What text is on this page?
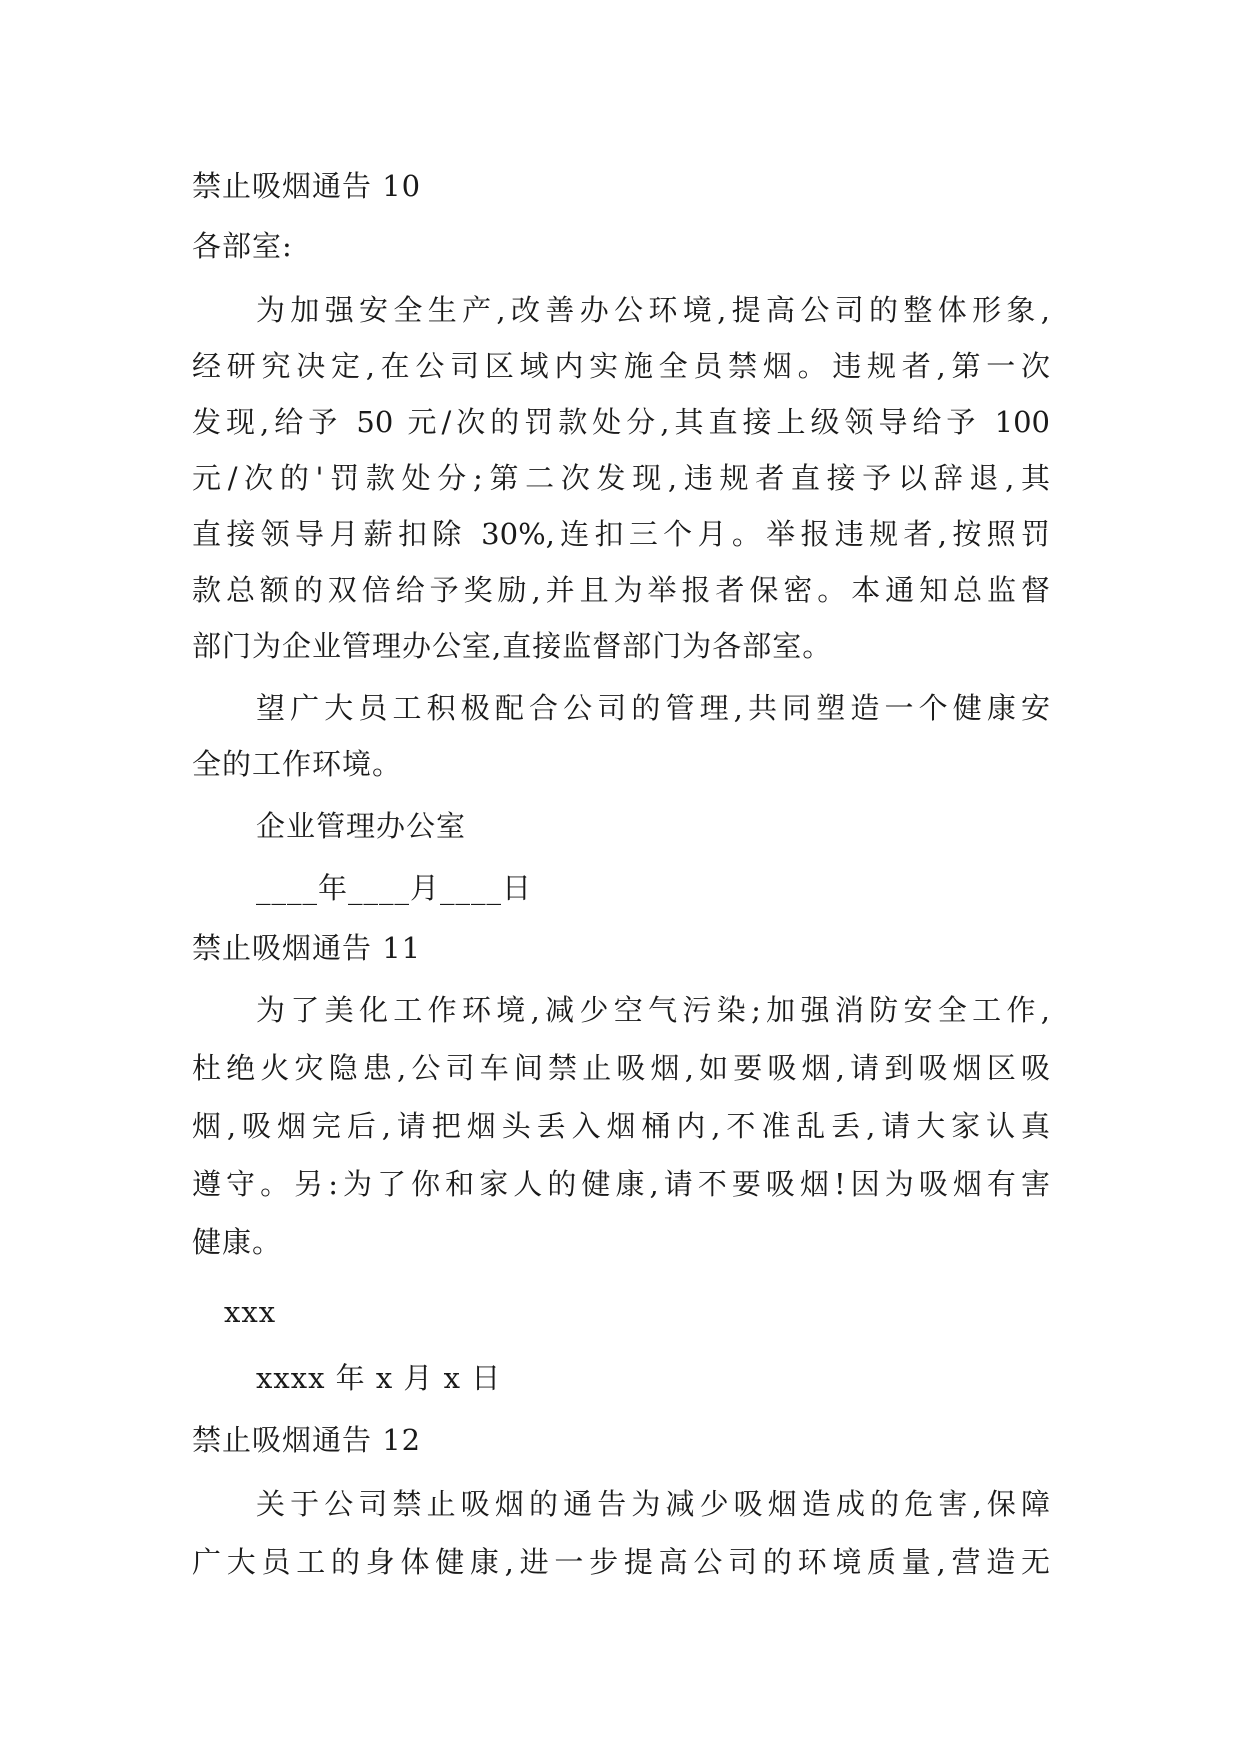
禁止吸烟通告 10
各部室:
为加强安全生产,改善办公环境,提高公司的整体形象,
经研究决定,在公司区域内实施全员禁烟。违规者,第一次
发现,给予 50 元/次的罚款处分,其直接上级领导给予 100
元/次的'罚款处分;第二次发现,违规者直接予以辞退,其
直接领导月薪扣除 30%,连扣三个月。举报违规者,按照罚
款总额的双倍给予奖励,并且为举报者保密。本通知总监督
部门为企业管理办公室,直接监督部门为各部室。
望广大员工积极配合公司的管理,共同塑造一个健康安
全的工作环境。
企业管理办公室
____年____月____日
禁止吸烟通告 11
为了美化工作环境,减少空气污染;加强消防安全工作,
杜绝火灾隐患,公司车间禁止吸烟,如要吸烟,请到吸烟区吸
烟,吸烟完后,请把烟头丢入烟桶内,不准乱丢,请大家认真
遵守。另:为了你和家人的健康,请不要吸烟!因为吸烟有害
健康。
xxx
xxxx 年 x 月 x 日
禁止吸烟通告 12
关于公司禁止吸烟的通告为减少吸烟造成的危害,保障
广大员工的身体健康,进一步提高公司的环境质量,营造无
